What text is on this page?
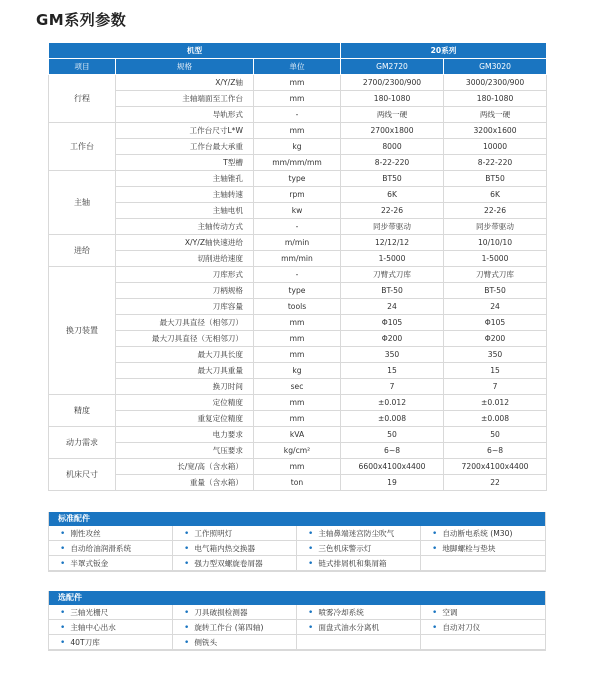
GM系列参数
机型			20系列	
项目	规格	单位	GM2720	GM3020
行程	X/Y/Z轴	mm	2700/2300/900	3000/2300/900
	主轴端面至工作台	mm	180-1080	180-1080
	导轨形式	-	两线一硬	两线一硬
工作台	工作台尺寸L*W	mm	2700x1800	3200x1600
	工作台最大承重	kg	8000	10000
	T型槽	mm/mm/mm	8-22-220	8-22-220
主轴	主轴锥孔	type	BT50	BT50
	主轴转速	rpm	6K	6K
	主轴电机	kw	22-26	22-26
	主轴传动方式	-	同步带驱动	同步带驱动
进给	X/Y/Z轴快速进给	m/min	12/12/12	10/10/10
	切削进给速度	mm/min	1-5000	1-5000
换刀装置	刀库形式	-	刀臂式刀库	刀臂式刀库
	刀柄规格	type	BT-50	BT-50
	刀库容量	tools	24	24
	最大刀具直径（相邻刀）	mm	Φ105	Φ105
	最大刀具直径（无相邻刀）	mm	Φ200	Φ200
	最大刀具长度	mm	350	350
	最大刀具重量	kg	15	15
	换刀时间	sec	7	7
精度	定位精度	mm	±0.012	±0.012
	重复定位精度	mm	±0.008	±0.008
动力需求	电力要求	kVA	50	50
	气压要求	kg/cm²	6~8	6~8
机床尺寸	长/宽/高（含水箱）	mm	6600x4100x4400	7200x4100x4400
	重量（含水箱）	ton	19	22
标准配件
• 刚性攻丝	• 工作照明灯	• 主轴鼻端迷宫防尘吹气	• 自动断电系统 (M30)
• 自动给油润滑系统	• 电气箱内热交换器	• 三色机床警示灯	• 地脚螺栓与垫块
• 半罩式钣金	• 强力型双螺旋卷屑器	• 链式排屑机和集屑箱
选配件
• 三轴光栅尺	• 刀具破损检测器	• 喷雾冷却系统	• 空调
• 主轴中心出水	• 旋转工作台 (第四轴)	• 面盘式油水分离机	• 自动对刀仪
• 40T刀库	• 侧铣头
